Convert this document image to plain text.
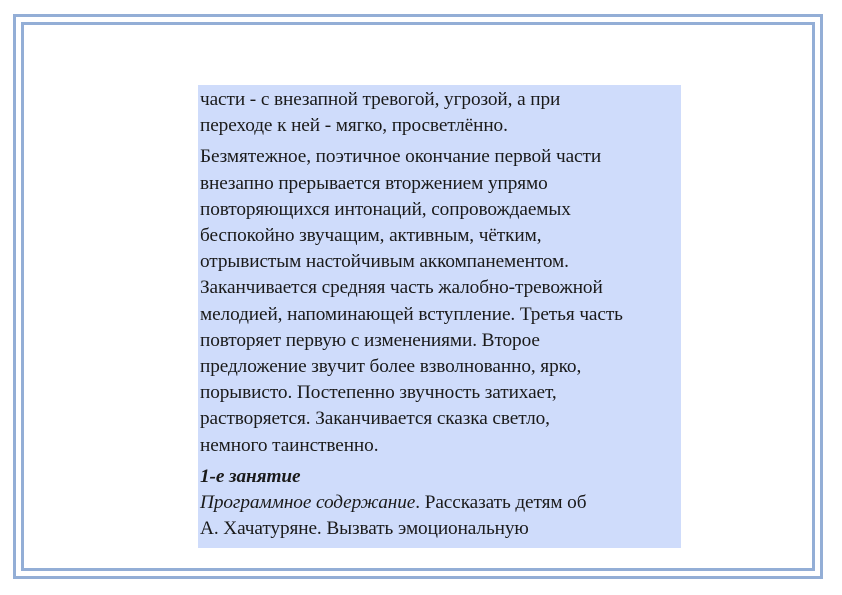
части - с внезапной тревогой, угрозой, а при
переходе к ней - мягко, просветлённо.

Безмятежное, поэтичное окончание первой части
внезапно прерывается вторжением упрямо
повторяющихся интонаций, сопровождаемых
беспокойно звучащим, активным, чётким,
отрывистым настойчивым аккомпанементом.
Заканчивается средняя часть жалобно-тревожной
мелодией, напоминающей вступление. Третья часть
повторяет первую с изменениями. Второе
предложение звучит более взволнованно, ярко,
порывисто. Постепенно звучность затихает,
растворяется. Заканчивается сказка светло,
немного таинственно.

1-е занятие
Программное содержание. Рассказать детям об
А. Хачатуряне. Вызвать эмоциональную
